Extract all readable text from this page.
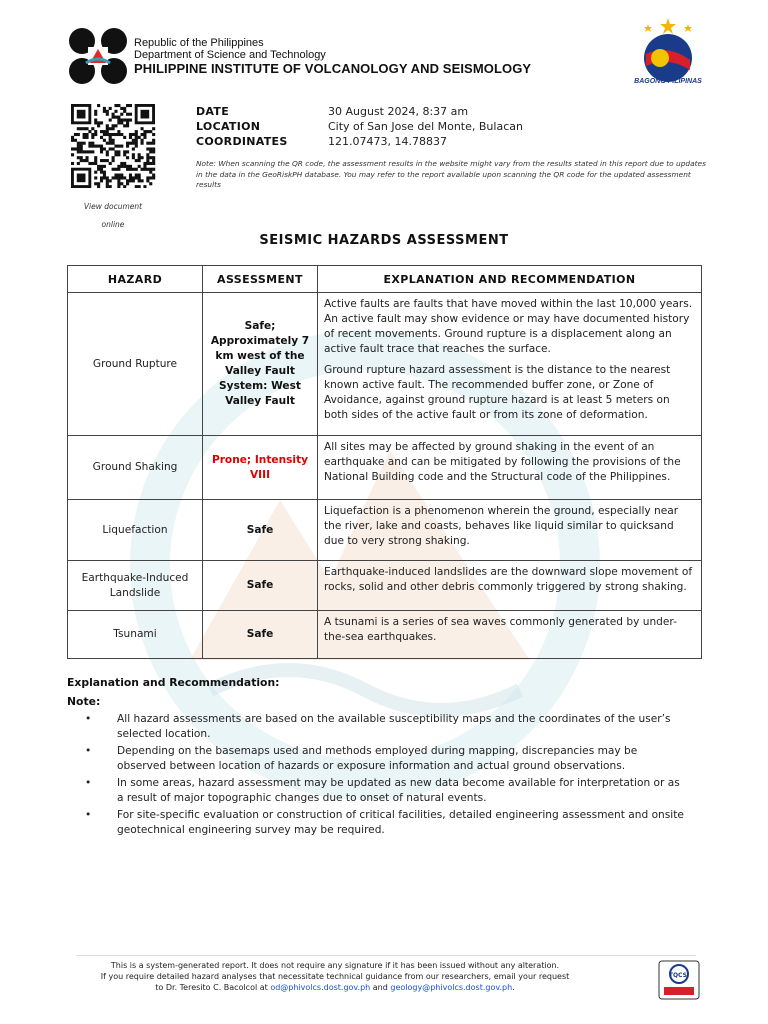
Republic of the Philippines
Department of Science and Technology
PHILIPPINE INSTITUTE OF VOLCANOLOGY AND SEISMOLOGY
BAGONG PILIPINAS
View document
online
DATE	30 August 2024, 8:37 am
LOCATION	City of San Jose del Monte, Bulacan
COORDINATES	121.07473, 14.78837
Note: When scanning the QR code, the assessment results in the website might vary from the results stated in this report due to updates in the data in the GeoRiskPH database. You may refer to the report available upon scanning the QR code for the updated assessment results
SEISMIC HAZARDS ASSESSMENT
HAZARD	ASSESSMENT	EXPLANATION AND RECOMMENDATION
Ground Rupture	Safe; Approximately 7 km west of the Valley Fault System: West Valley Fault	Active faults are faults that have moved within the last 10,000 years. An active fault may show evidence or may have documented history of recent movements. Ground rupture is a displacement along an active fault trace that reaches the surface.

Ground rupture hazard assessment is the distance to the nearest known active fault. The recommended buffer zone, or Zone of Avoidance, against ground rupture hazard is at least 5 meters on both sides of the active fault or from its zone of deformation.

Ground Shaking	Prone; Intensity VIII	All sites may be affected by ground shaking in the event of an earthquake and can be mitigated by following the provisions of the National Building code and the Structural code of the Philippines.

Liquefaction	Safe	Liquefaction is a phenomenon wherein the ground, especially near the river, lake and coasts, behaves like liquid similar to quicksand due to very strong shaking.

Earthquake-Induced Landslide	Safe	Earthquake-induced landslides are the downward slope movement of rocks, solid and other debris commonly triggered by strong shaking.

Tsunami	Safe	A tsunami is a series of sea waves commonly generated by under-the-sea earthquakes.

Explanation and Recommendation:
Note:
• All hazard assessments are based on the available susceptibility maps and the coordinates of the user’s selected location.
• Depending on the basemaps used and methods employed during mapping, discrepancies may be observed between location of hazards or exposure information and actual ground observations.
• In some areas, hazard assessment may be updated as new data become available for interpretation or as a result of major topographic changes due to onset of natural events.
• For site-specific evaluation or construction of critical facilities, detailed engineering assessment and onsite geotechnical engineering survey may be required.
This is a system-generated report. It does not require any signature if it has been issued without any alteration.
If you require detailed hazard analyses that necessitate technical guidance from our researchers, email your request
to Dr. Teresito C. Bacolcol at od@phivolcs.dost.gov.ph and geology@phivolcs.dost.gov.ph.
TQCSI
